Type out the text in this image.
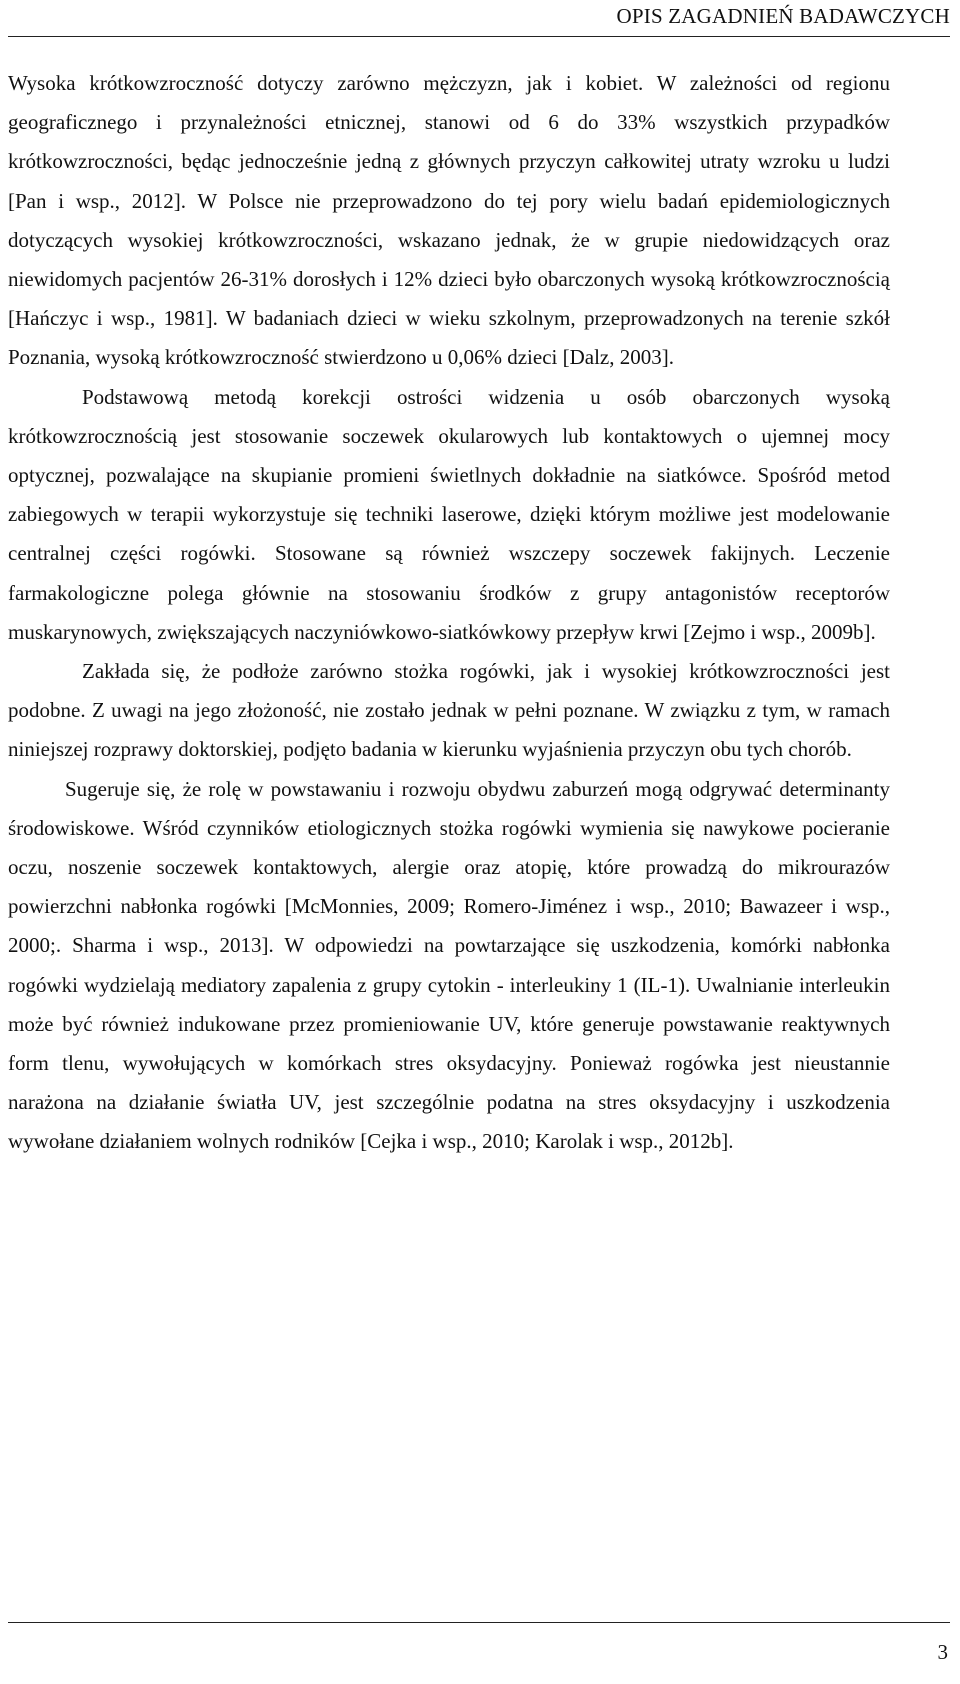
OPIS ZAGADNIEŃ BADAWCZYCH

Wysoka krótkowzroczność dotyczy zarówno mężczyzn, jak i kobiet. W zależności od regionu geograficznego i przynależności etnicznej, stanowi od 6 do 33% wszystkich przypadków krótkowzroczności, będąc jednocześnie jedną z głównych przyczyn całkowitej utraty wzroku u ludzi [Pan i wsp., 2012]. W Polsce nie przeprowadzono do tej pory wielu badań epidemiologicznych dotyczących wysokiej krótkowzroczności, wskazano jednak, że w grupie niedowidzących oraz niewidomych pacjentów 26-31% dorosłych i 12% dzieci było obarczonych wysoką krótkowzrocznością [Hańczyc i wsp., 1981]. W badaniach dzieci w wieku szkolnym, przeprowadzonych na terenie szkół Poznania, wysoką krótkowzroczność stwierdzono u 0,06% dzieci [Dalz, 2003].

Podstawową metodą korekcji ostrości widzenia u osób obarczonych wysoką krótkowzrocznością jest stosowanie soczewek okularowych lub kontaktowych o ujemnej mocy optycznej, pozwalające na skupianie promieni świetlnych dokładnie na siatkówce. Spośród metod zabiegowych w terapii wykorzystuje się techniki laserowe, dzięki którym możliwe jest modelowanie centralnej części rogówki. Stosowane są również wszczepy soczewek fakijnych. Leczenie farmakologiczne polega głównie na stosowaniu środków z grupy antagonistów receptorów muskarynowych, zwiększających naczyniówkowo-siatkówkowy przepływ krwi [Zejmo i wsp., 2009b].

Zakłada się, że podłoże zarówno stożka rogówki, jak i wysokiej krótkowzroczności jest podobne. Z uwagi na jego złożoność, nie zostało jednak w pełni poznane. W związku z tym, w ramach niniejszej rozprawy doktorskiej, podjęto badania w kierunku wyjaśnienia przyczyn obu tych chorób.

Sugeruje się, że rolę w powstawaniu i rozwoju obydwu zaburzeń mogą odgrywać determinanty środowiskowe. Wśród czynników etiologicznych stożka rogówki wymienia się nawykowe pocieranie oczu, noszenie soczewek kontaktowych, alergie oraz atopię, które prowadzą do mikrourazów powierzchni nabłonka rogówki [McMonnies, 2009; Romero-Jiménez i wsp., 2010; Bawazeer i wsp., 2000;. Sharma i wsp., 2013]. W odpowiedzi na powtarzające się uszkodzenia, komórki nabłonka rogówki wydzielają mediatory zapalenia z grupy cytokin - interleukiny 1 (IL-1). Uwalnianie interleukin może być również indukowane przez promieniowanie UV, które generuje powstawanie reaktywnych form tlenu, wywołujących w komórkach stres oksydacyjny. Ponieważ rogówka jest nieustannie narażona na działanie światła UV, jest szczególnie podatna na stres oksydacyjny i uszkodzenia wywołane działaniem wolnych rodników [Cejka i wsp., 2010; Karolak i wsp., 2012b].

3
